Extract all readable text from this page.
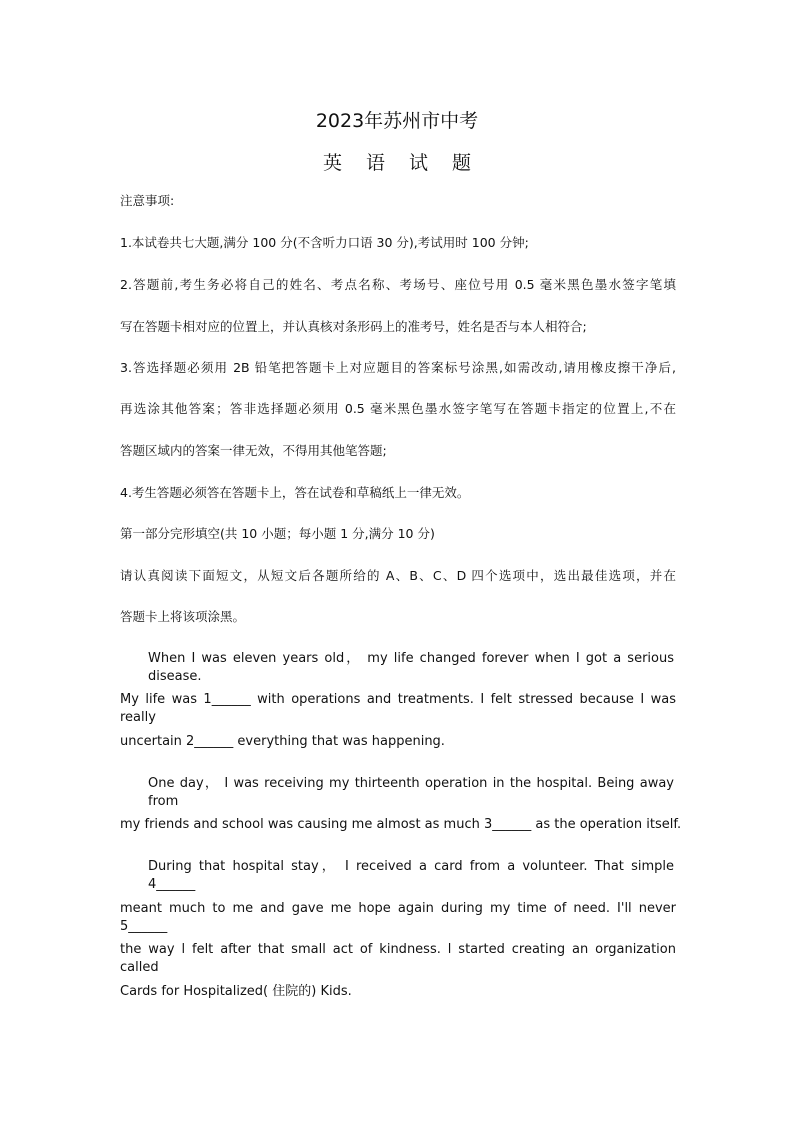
2023年苏州市中考
英 语 试 题
注意事项:
1.本试卷共七大题,满分 100 分(不含听力口语 30 分),考试用时 100 分钟;
2.答题前,考生务必将自己的姓名、考点名称、考场号、座位号用 0.5 毫米黑色墨水签字笔填
写在答题卡相对应的位置上，并认真核对条形码上的准考号，姓名是否与本人相符合;
3.答选择题必须用 2B 铅笔把答题卡上对应题目的答案标号涂黑,如需改动,请用橡皮擦干净后,
再选涂其他答案；答非选择题必须用 0.5 毫米黑色墨水签字笔写在答题卡指定的位置上,不在
答题区域内的答案一律无效，不得用其他笔答题;
4.考生答题必须答在答题卡上，答在试卷和草稿纸上一律无效。
第一部分完形填空(共 10 小题；每小题 1 分,满分 10 分)
请认真阅读下面短文，从短文后各题所给的 A、B、C、D 四个选项中，选出最佳选项，并在
答题卡上将该项涂黑。
When I was eleven years old， my life changed forever when I got a serious disease.
My life was 1______ with operations and treatments. I felt stressed because I was really
uncertain 2______ everything that was happening.
One day， I was receiving my thirteenth operation in the hospital. Being away from
my friends and school was causing me almost as much 3______ as the operation itself.
During that hospital stay， I received a card from a volunteer. That simple 4______
meant much to me and gave me hope again during my time of need. I'll never 5______
the way l felt after that small act of kindness. l started creating an organization called
Cards for Hospitalized( 住院的) Kids.
